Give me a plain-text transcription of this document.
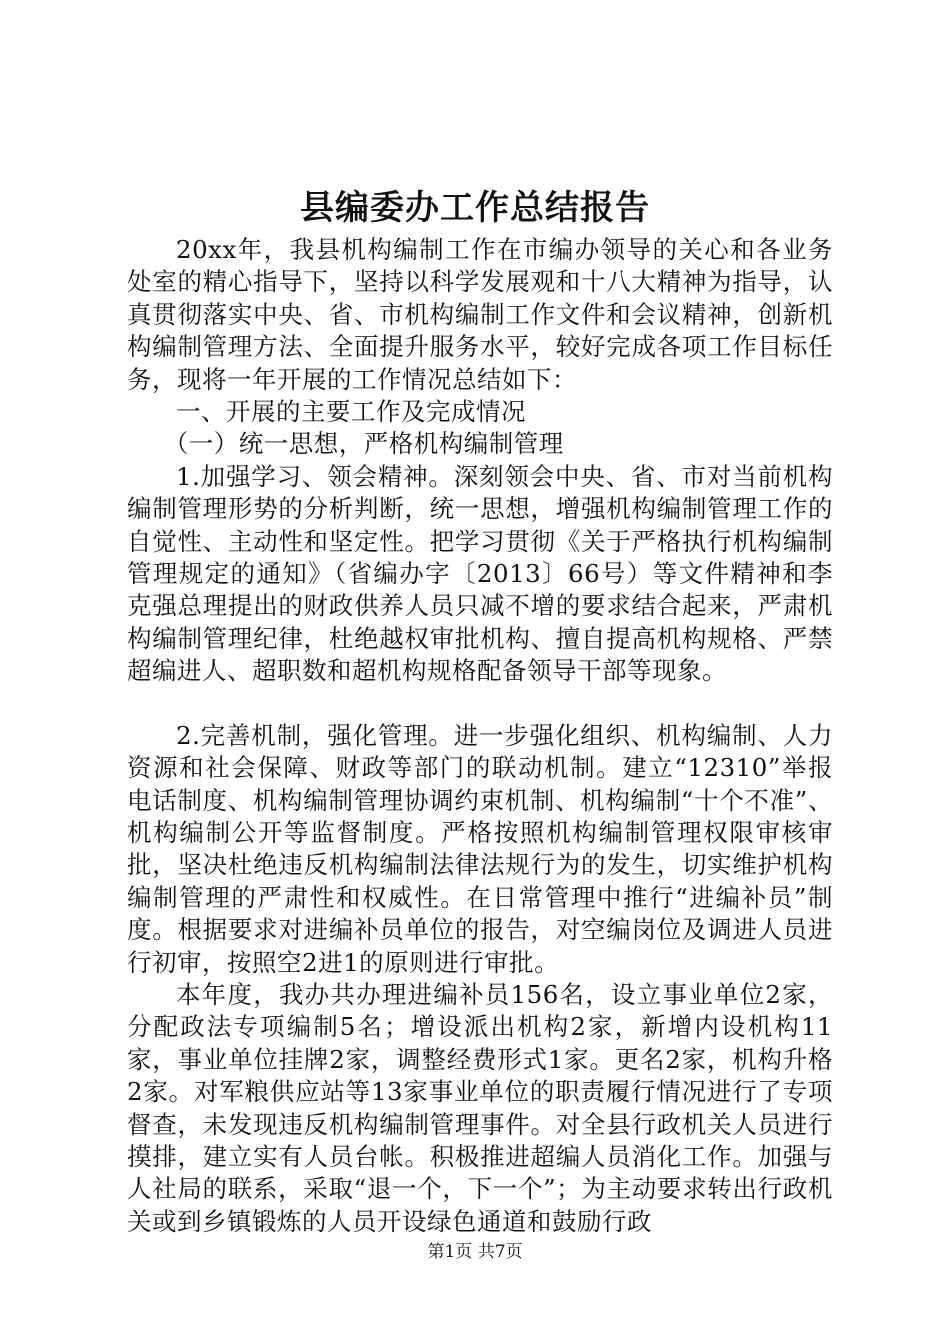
县编委办工作总结报告

20xx年，我县机构编制工作在市编办领导的关心和各业务处室的精心指导下，坚持以科学发展观和十八大精神为指导，认真贯彻落实中央、省、市机构编制工作文件和会议精神，创新机构编制管理方法、全面提升服务水平，较好完成各项工作目标任务，现将一年开展的工作情况总结如下：

一、开展的主要工作及完成情况

（一）统一思想，严格机构编制管理

1.加强学习、领会精神。深刻领会中央、省、市对当前机构编制管理形势的分析判断，统一思想，增强机构编制管理工作的自觉性、主动性和坚定性。把学习贯彻《关于严格执行机构编制管理规定的通知》（省编办字〔2013〕66号）等文件精神和李克强总理提出的财政供养人员只减不增的要求结合起来，严肃机构编制管理纪律，杜绝越权审批机构、擅自提高机构规格、严禁超编进人、超职数和超机构规格配备领导干部等现象。

2.完善机制，强化管理。进一步强化组织、机构编制、人力资源和社会保障、财政等部门的联动机制。建立“12310”举报电话制度、机构编制管理协调约束机制、机构编制“十个不准”、机构编制公开等监督制度。严格按照机构编制管理权限审核审批，坚决杜绝违反机构编制法律法规行为的发生，切实维护机构编制管理的严肃性和权威性。在日常管理中推行“进编补员”制度。根据要求对进编补员单位的报告，对空编岗位及调进人员进行初审，按照空2进1的原则进行审批。

本年度，我办共办理进编补员156名，设立事业单位2家，分配政法专项编制5名；增设派出机构2家，新增内设机构11家，事业单位挂牌2家，调整经费形式1家。更名2家，机构升格2家。对军粮供应站等13家事业单位的职责履行情况进行了专项督查，未发现违反机构编制管理事件。对全县行政机关人员进行摸排，建立实有人员台帐。积极推进超编人员消化工作。加强与人社局的联系，采取“退一个，下一个”；为主动要求转出行政机关或到乡镇锻炼的人员开设绿色通道和鼓励行政

第1页 共7页
